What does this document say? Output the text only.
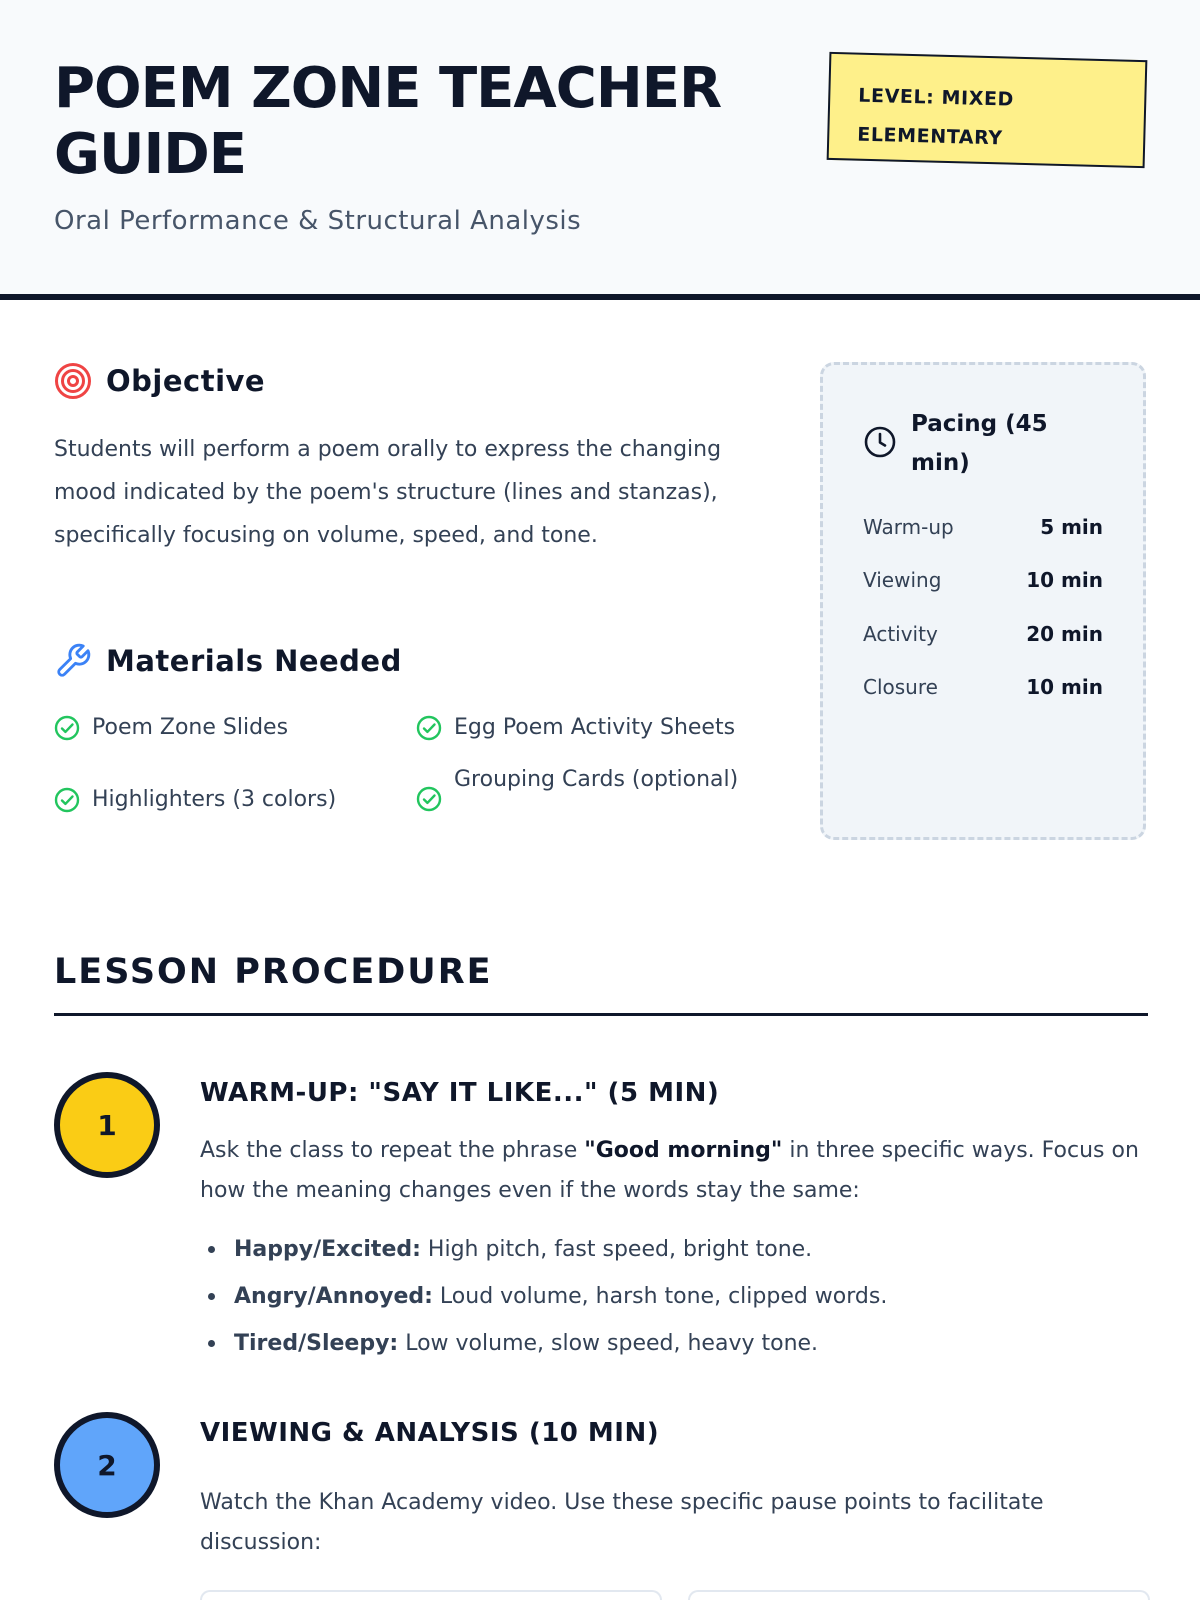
POEM ZONE TEACHER GUIDE
Oral Performance & Structural Analysis
LEVEL: MIXED
ELEMENTARY
Objective

Students will perform a poem orally to express the changing mood indicated by the poem's structure (lines and stanzas), specifically focusing on volume, speed, and tone.

Materials Needed
Poem Zone Slides	Egg Poem Activity Sheets
Highlighters (3 colors)
Grouping Cards (optional)
Pacing (45 min)
Warm-up	5 min
Viewing	10 min
Activity	20 min
Closure	10 min
LESSON PROCEDURE
1
WARM-UP: "SAY IT LIKE..." (5 MIN)

Ask the class to repeat the phrase "Good morning" in three specific ways. Focus on how the meaning changes even if the words stay the same:

Happy/Excited: High pitch, fast speed, bright tone.
Angry/Annoyed: Loud volume, harsh tone, clipped words.
Tired/Sleepy: Low volume, slow speed, heavy tone.
2
VIEWING & ANALYSIS (10 MIN)

Watch the Khan Academy video. Use these specific pause points to facilitate discussion:
